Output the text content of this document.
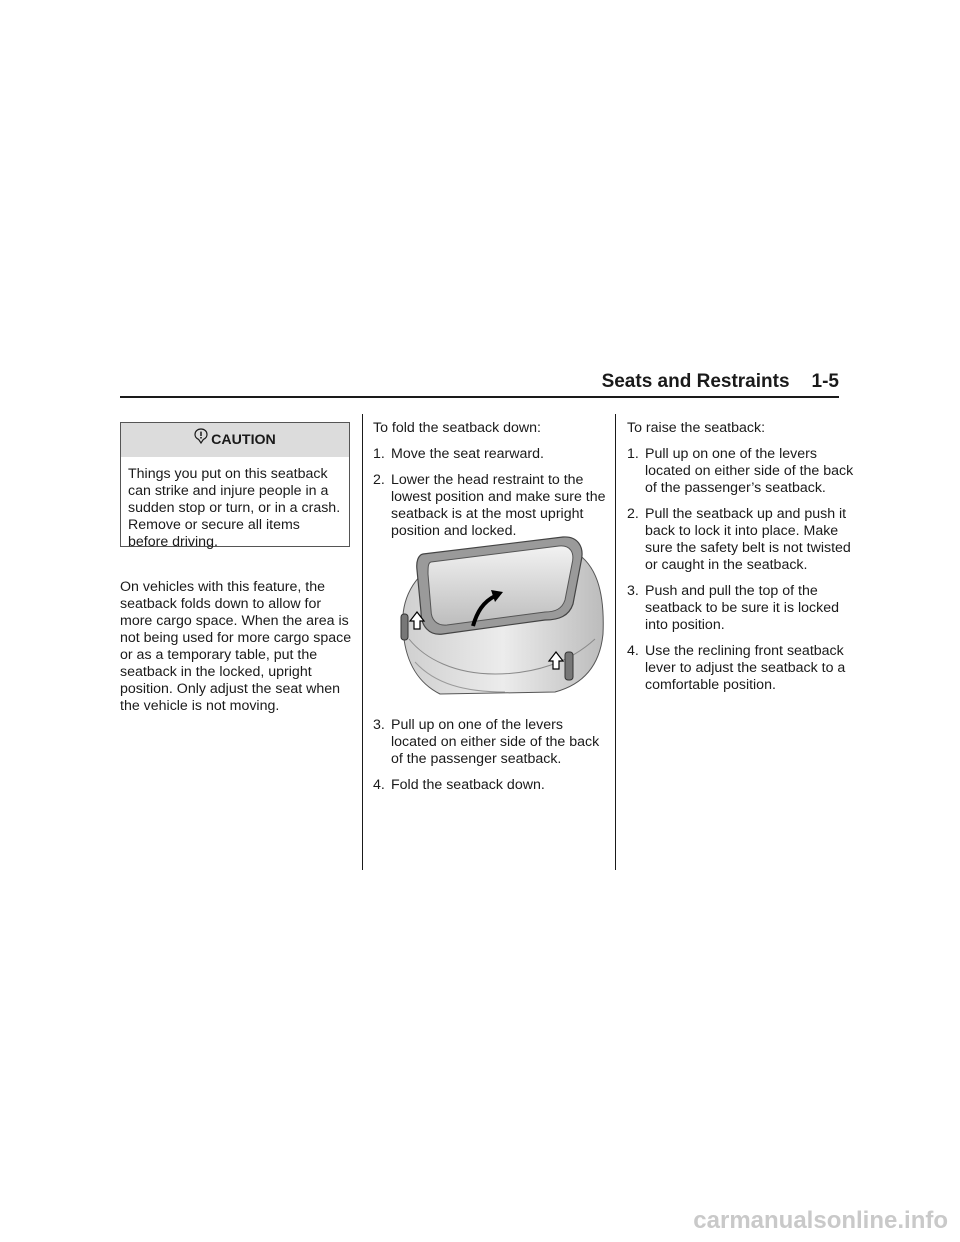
Seats and Restraints 1-5
CAUTION
Things you put on this seatback can strike and injure people in a sudden stop or turn, or in a crash. Remove or secure all items before driving.

On vehicles with this feature, the seatback folds down to allow for more cargo space. When the area is not being used for more cargo space or as a temporary table, put the seatback in the locked, upright position. Only adjust the seat when the vehicle is not moving.

To fold the seatback down:

1. Move the seat rearward.
2. Lower the head restraint to the lowest position and make sure the seatback is at the most upright position and locked.
3. Pull up on one of the levers located on either side of the back of the passenger seatback.
4. Fold the seatback down.

To raise the seatback:

1. Pull up on one of the levers located on either side of the back of the passenger’s seatback.
2. Pull the seatback up and push it back to lock it into place. Make sure the safety belt is not twisted or caught in the seatback.
3. Push and pull the top of the seatback to be sure it is locked into position.
4. Use the reclining front seatback lever to adjust the seatback to a comfortable position.
carmanualsonline.info
